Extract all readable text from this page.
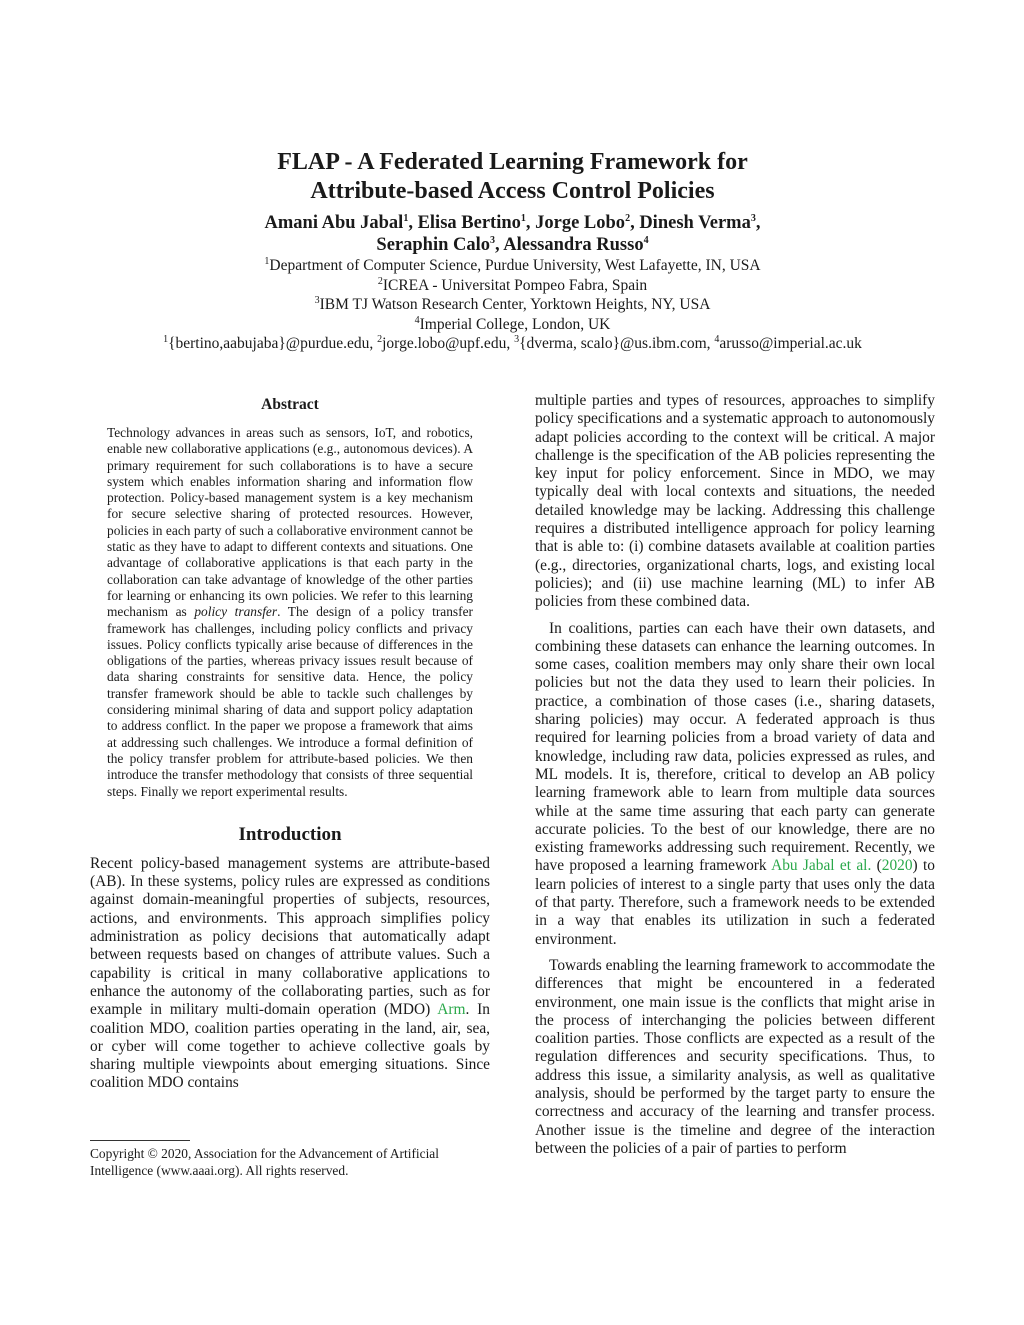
FLAP - A Federated Learning Framework for
Attribute-based Access Control Policies
Amani Abu Jabal$^1$, Elisa Bertino$^1$, Jorge Lobo$^2$, Dinesh Verma$^3$,
Seraphin Calo$^3$, Alessandra Russo$^4$
$^1$Department of Computer Science, Purdue University, West Lafayette, IN, USA
$^2$ICREA - Universitat Pompeo Fabra, Spain
$^3$IBM TJ Watson Research Center, Yorktown Heights, NY, USA
$^4$Imperial College, London, UK
$^1${bertino,aabujaba}@purdue.edu, $^2$jorge.lobo@upf.edu, $^3${dverma, scalo}@us.ibm.com, $^4$arusso@imperial.ac.uk
Abstract

Technology advances in areas such as sensors, IoT, and robotics, enable new collaborative applications (e.g., autonomous devices). A primary requirement for such collaborations is to have a secure system which enables information sharing and information flow protection. Policy-based management system is a key mechanism for secure selective sharing of protected resources. However, policies in each party of such a collaborative environment cannot be static as they have to adapt to different contexts and situations. One advantage of collaborative applications is that each party in the collaboration can take advantage of knowledge of the other parties for learning or enhancing its own policies. We refer to this learning mechanism as policy transfer. The design of a policy transfer framework has challenges, including policy conflicts and privacy issues. Policy conflicts typically arise because of differences in the obligations of the parties, whereas privacy issues result because of data sharing constraints for sensitive data. Hence, the policy transfer framework should be able to tackle such challenges by considering minimal sharing of data and support policy adaptation to address conflict. In the paper we propose a framework that aims at addressing such challenges. We introduce a formal definition of the policy transfer problem for attribute-based policies. We then introduce the transfer methodology that consists of three sequential steps. Finally we report experimental results.

Introduction

Recent policy-based management systems are attribute-based (AB). In these systems, policy rules are expressed as conditions against domain-meaningful properties of subjects, resources, actions, and environments. This approach simplifies policy administration as policy decisions that automatically adapt between requests based on changes of attribute values. Such a capability is critical in many collaborative applications to enhance the autonomy of the collaborating parties, such as for example in military multi-domain operation (MDO) Arm. In coalition MDO, coalition parties operating in the land, air, sea, or cyber will come together to achieve collective goals by sharing multiple viewpoints about emerging situations. Since coalition MDO contains

Copyright © 2020, Association for the Advancement of Artificial Intelligence (www.aaai.org). All rights reserved.

multiple parties and types of resources, approaches to simplify policy specifications and a systematic approach to autonomously adapt policies according to the context will be critical. A major challenge is the specification of the AB policies representing the key input for policy enforcement. Since in MDO, we may typically deal with local contexts and situations, the needed detailed knowledge may be lacking. Addressing this challenge requires a distributed intelligence approach for policy learning that is able to: (i) combine datasets available at coalition parties (e.g., directories, organizational charts, logs, and existing local policies); and (ii) use machine learning (ML) to infer AB policies from these combined data.

In coalitions, parties can each have their own datasets, and combining these datasets can enhance the learning outcomes. In some cases, coalition members may only share their own local policies but not the data they used to learn their policies. In practice, a combination of those cases (i.e., sharing datasets, sharing policies) may occur. A federated approach is thus required for learning policies from a broad variety of data and knowledge, including raw data, policies expressed as rules, and ML models. It is, therefore, critical to develop an AB policy learning framework able to learn from multiple data sources while at the same time assuring that each party can generate accurate policies. To the best of our knowledge, there are no existing frameworks addressing such requirement. Recently, we have proposed a learning framework Abu Jabal et al. (2020) to learn policies of interest to a single party that uses only the data of that party. Therefore, such a framework needs to be extended in a way that enables its utilization in such a federated environment.

Towards enabling the learning framework to accommodate the differences that might be encountered in a federated environment, one main issue is the conflicts that might arise in the process of interchanging the policies between different coalition parties. Those conflicts are expected as a result of the regulation differences and security specifications. Thus, to address this issue, a similarity analysis, as well as qualitative analysis, should be performed by the target party to ensure the correctness and accuracy of the learning and transfer process. Another issue is the timeline and degree of the interaction between the policies of a pair of parties to perform
